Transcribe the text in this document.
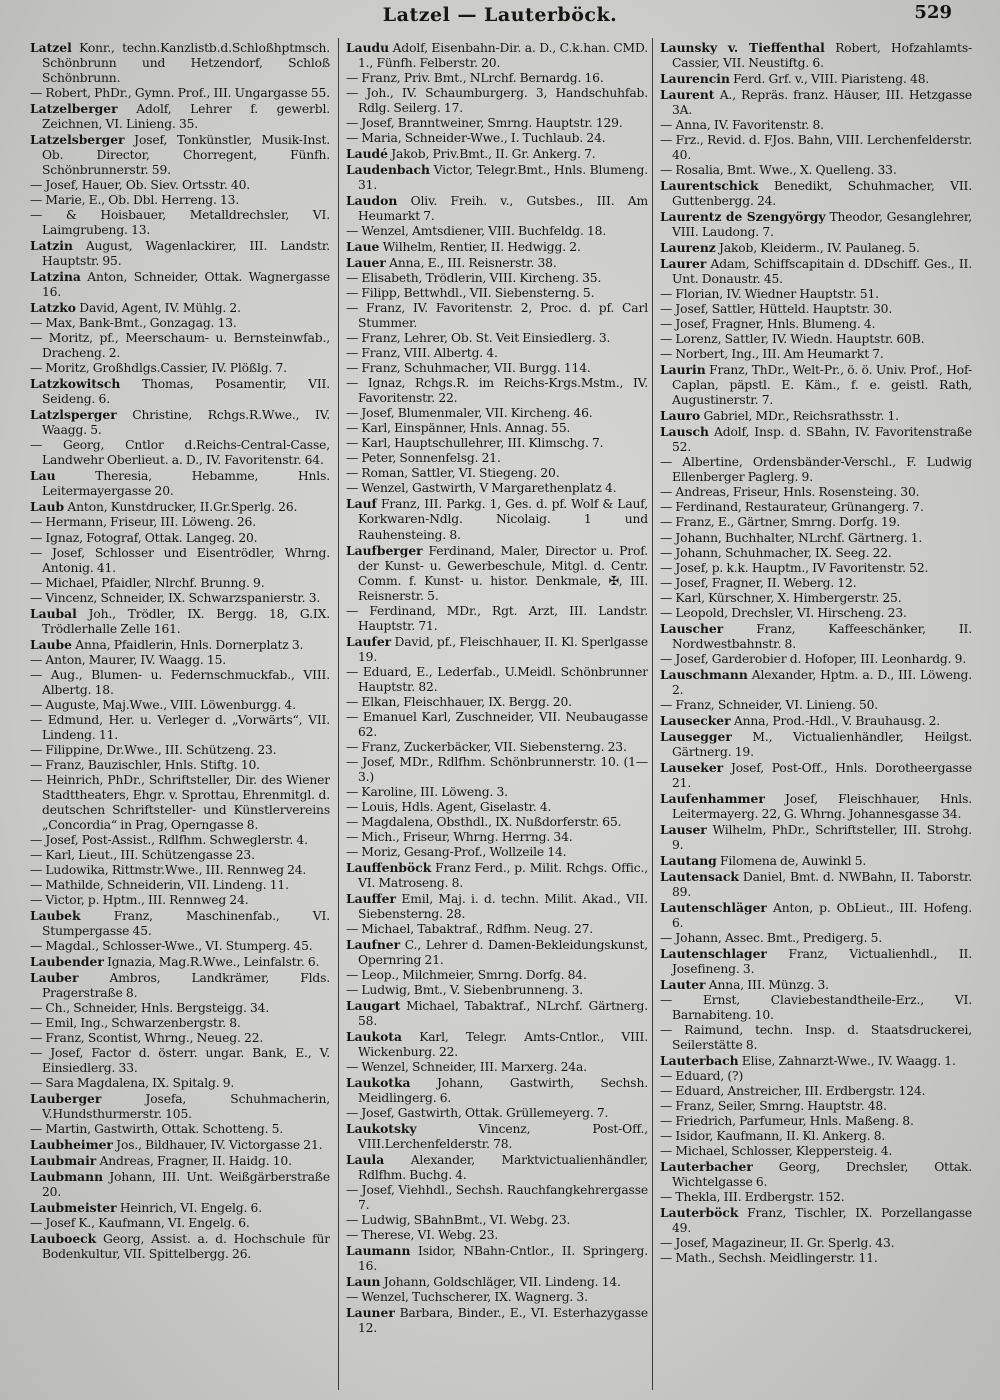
Latzel — Lauterböck.	529

Latzel Konr., techn.Kanzlistb.d.Schloßhptmsch. Schönbrunn und Hetzendorf, Schloß Schönbrunn.

— Robert, PhDr., Gymn. Prof., III. Ungargasse 55.

Latzelberger Adolf, Lehrer f. gewerbl. Zeichnen, VI. Linieng. 35.

Latzelsberger Josef, Tonkünstler, Musik-Inst. Ob. Director, Chorregent, Fünfh. Schönbrunnerstr. 59.

— Josef, Hauer, Ob. Siev. Ortsstr. 40.

— Marie, E., Ob. Dbl. Herreng. 13.

— & Hoisbauer, Metalldrechsler, VI. Laimgrubeng. 13.

Latzin August, Wagenlackirer, III. Landstr. Hauptstr. 95.

Latzina Anton, Schneider, Ottak. Wagnergasse 16.

Latzko David, Agent, IV. Mühlg. 2.

— Max, Bank-Bmt., Gonzagag. 13.

— Moritz, pf., Meerschaum- u. Bernsteinwfab., Dracheng. 2.

— Moritz, Großhdlgs.Cassier, IV. Plößlg. 7.

Latzkowitsch Thomas, Posamentir, VII. Seideng. 6.

Latzlsperger Christine, Rchgs.R.Wwe., IV. Waagg. 5.

— Georg, Cntlor d.Reichs-Central-Casse, Landwehr Oberlieut. a. D., IV. Favoritenstr. 64.

Lau Theresia, Hebamme, Hnls. Leitermayergasse 20.

Laub Anton, Kunstdrucker, II.Gr.Sperlg. 26.

— Hermann, Friseur, III. Löweng. 26.

— Ignaz, Fotograf, Ottak. Langeg. 20.

— Josef, Schlosser und Eisentrödler, Whrng. Antonig. 41.

— Michael, Pfaidler, Nlrchf. Brunng. 9.

— Vincenz, Schneider, IX. Schwarzspanierstr. 3.

Laubal Joh., Trödler, IX. Bergg. 18, G.IX. Trödlerhalle Zelle 161.

Laube Anna, Pfaidlerin, Hnls. Dornerplatz 3.

— Anton, Maurer, IV. Waagg. 15.

— Aug., Blumen- u. Federnschmuckfab., VIII. Albertg. 18.

— Auguste, Maj.Wwe., VIII. Löwenburgg. 4.

— Edmund, Her. u. Verleger d. „Vorwärts“, VII. Lindeng. 11.

— Filippine, Dr.Wwe., III. Schützeng. 23.

— Franz, Bauzischler, Hnls. Stiftg. 10.

— Heinrich, PhDr., Schriftsteller, Dir. des Wiener Stadttheaters, Ehgr. v. Sprottau, Ehrenmitgl. d. deutschen Schriftsteller- und Künstlervereins „Concordia“ in Prag, Operngasse 8.

— Josef, Post-Assist., Rdlfhm. Schweglerstr. 4.

— Karl, Lieut., III. Schützengasse 23.

— Ludowika, Rittmstr.Wwe., III. Rennweg 24.

— Mathilde, Schneiderin, VII. Lindeng. 11.

— Victor, p. Hptm., III. Rennweg 24.

Laubek Franz, Maschinenfab., VI. Stumpergasse 45.

— Magdal., Schlosser-Wwe., VI. Stumperg. 45.

Laubender Ignazia, Mag.R.Wwe., Leinfalstr. 6.

Lauber Ambros, Landkrämer, Flds. Pragerstraße 8.

— Ch., Schneider, Hnls. Bergsteigg. 34.

— Emil, Ing., Schwarzenbergstr. 8.

— Franz, Scontist, Whrng., Neueg. 22.

— Josef, Factor d. österr. ungar. Bank, E., V. Einsiedlerg. 33.

— Sara Magdalena, IX. Spitalg. 9.

Lauberger Josefa, Schuhmacherin, V.Hundsthurmerstr. 105.

— Martin, Gastwirth, Ottak. Schotteng. 5.

Laubheimer Jos., Bildhauer, IV. Victorgasse 21.

Laubmair Andreas, Fragner, II. Haidg. 10.

Laubmann Johann, III. Unt. Weißgärberstraße 20.

Laubmeister Heinrich, VI. Engelg. 6.

— Josef K., Kaufmann, VI. Engelg. 6.

Lauboeck Georg, Assist. a. d. Hochschule für Bodenkultur, VII. Spittelbergg. 26.

Laudu Adolf, Eisenbahn-Dir. a. D., C.k.han. CMD. 1., Fünfh. Felberstr. 20.

— Franz, Priv. Bmt., NLrchf. Bernardg. 16.

— Joh., IV. Schaumburgerg. 3, Handschuhfab. Rdlg. Seilerg. 17.

— Josef, Branntweiner, Smrng. Hauptstr. 129.

— Maria, Schneider-Wwe., I. Tuchlaub. 24.

Laudé Jakob, Priv.Bmt., II. Gr. Ankerg. 7.

Laudenbach Victor, Telegr.Bmt., Hnls. Blumeng. 31.

Laudon Oliv. Freih. v., Gutsbes., III. Am Heumarkt 7.

— Wenzel, Amtsdiener, VIII. Buchfeldg. 18.

Laue Wilhelm, Rentier, II. Hedwigg. 2.

Lauer Anna, E., III. Reisnerstr. 38.

— Elisabeth, Trödlerin, VIII. Kircheng. 35.

— Filipp, Bettwhdl., VII. Siebensterng. 5.

— Franz, IV. Favoritenstr. 2, Proc. d. pf. Carl Stummer.

— Franz, Lehrer, Ob. St. Veit Einsiedlerg. 3.

— Franz, VIII. Albertg. 4.

— Franz, Schuhmacher, VII. Burgg. 114.

— Ignaz, Rchgs.R. im Reichs-Krgs.Mstm., IV. Favoritenstr. 22.

— Josef, Blumenmaler, VII. Kircheng. 46.

— Karl, Einspänner, Hnls. Annag. 55.

— Karl, Hauptschullehrer, III. Klimschg. 7.

— Peter, Sonnenfelsg. 21.

— Roman, Sattler, VI. Stiegeng. 20.

— Wenzel, Gastwirth, V Margarethenplatz 4.

Lauf Franz, III. Parkg. 1, Ges. d. pf. Wolf & Lauf, Korkwaren-Ndlg. Nicolaig. 1 und Rauhensteing. 8.

Laufberger Ferdinand, Maler, Director u. Prof. der Kunst- u. Gewerbeschule, Mitgl. d. Centr. Comm. f. Kunst- u. histor. Denkmale, ✠, III. Reisnerstr. 5.

— Ferdinand, MDr., Rgt. Arzt, III. Landstr. Hauptstr. 71.

Laufer David, pf., Fleischhauer, II. Kl. Sperlgasse 19.

— Eduard, E., Lederfab., U.Meidl. Schönbrunner Hauptstr. 82.

— Elkan, Fleischhauer, IX. Bergg. 20.

— Emanuel Karl, Zuschneider, VII. Neubaugasse 62.

— Franz, Zuckerbäcker, VII. Siebensterng. 23.

— Josef, MDr., Rdlfhm. Schönbrunnerstr. 10. (1—3.)

— Karoline, III. Löweng. 3.

— Louis, Hdls. Agent, Giselastr. 4.

— Magdalena, Obsthdl., IX. Nußdorferstr. 65.

— Mich., Friseur, Whrng. Herrng. 34.

— Moriz, Gesang-Prof., Wollzeile 14.

Lauffenböck Franz Ferd., p. Milit. Rchgs. Offic., VI. Matroseng. 8.

Lauffer Emil, Maj. i. d. techn. Milit. Akad., VII. Siebensterng. 28.

— Michael, Tabaktraf., Rdfhm. Neug. 27.

Laufner C., Lehrer d. Damen-Bekleidungskunst, Opernring 21.

— Leop., Milchmeier, Smrng. Dorfg. 84.

— Ludwig, Bmt., V. Siebenbrunneng. 3.

Laugart Michael, Tabaktraf., NLrchf. Gärtnerg. 58.

Laukota Karl, Telegr. Amts-Cntlor., VIII. Wickenburg. 22.

— Wenzel, Schneider, III. Marxerg. 24a.

Laukotka Johann, Gastwirth, Sechsh. Meidlingerg. 6.

— Josef, Gastwirth, Ottak. Grüllemeyerg. 7.

Laukotsky Vincenz, Post-Off., VIII.Lerchenfelderstr. 78.

Laula Alexander, Marktvictualienhändler, Rdlfhm. Buchg. 4.

— Josef, Viehhdl., Sechsh. Rauchfangkehrergasse 7.

— Ludwig, SBahnBmt., VI. Webg. 23.

— Therese, VI. Webg. 23.

Laumann Isidor, NBahn-Cntlor., II. Springerg. 16.

Laun Johann, Goldschläger, VII. Lindeng. 14.

— Wenzel, Tuchscherer, IX. Wagnerg. 3.

Launer Barbara, Binder., E., VI. Esterhazygasse 12.

Launsky v. Tieffenthal Robert, Hofzahlamts-Cassier, VII. Neustiftg. 6.

Laurencin Ferd. Grf. v., VIII. Piaristeng. 48.

Laurent A., Repräs. franz. Häuser, III. Hetzgasse 3A.

— Anna, IV. Favoritenstr. 8.

— Frz., Revid. d. FJos. Bahn, VIII. Lerchenfelderstr. 40.

— Rosalia, Bmt. Wwe., X. Quelleng. 33.

Laurentschick Benedikt, Schuhmacher, VII. Guttenbergg. 24.

Laurentz de Szengyörgy Theodor, Gesanglehrer, VIII. Laudong. 7.

Laurenz Jakob, Kleiderm., IV. Paulaneg. 5.

Laurer Adam, Schiffscapitain d. DDschiff. Ges., II. Unt. Donaustr. 45.

— Florian, IV. Wiedner Hauptstr. 51.

— Josef, Sattler, Hütteld. Hauptstr. 30.

— Josef, Fragner, Hnls. Blumeng. 4.

— Lorenz, Sattler, IV. Wiedn. Hauptstr. 60B.

— Norbert, Ing., III. Am Heumarkt 7.

Laurin Franz, ThDr., Welt-Pr., ö. ö. Univ. Prof., Hof-Caplan, päpstl. E. Käm., f. e. geistl. Rath, Augustinerstr. 7.

Lauro Gabriel, MDr., Reichsrathsstr. 1.

Lausch Adolf, Insp. d. SBahn, IV. Favoritenstraße 52.

— Albertine, Ordensbänder-Verschl., F. Ludwig Ellenberger Paglerg. 9.

— Andreas, Friseur, Hnls. Rosensteing. 30.

— Ferdinand, Restaurateur, Grünangerg. 7.

— Franz, E., Gärtner, Smrng. Dorfg. 19.

— Johann, Buchhalter, NLrchf. Gärtnerg. 1.

— Johann, Schuhmacher, IX. Seeg. 22.

— Josef, p. k.k. Hauptm., IV Favoritenstr. 52.

— Josef, Fragner, II. Weberg. 12.

— Karl, Kürschner, X. Himbergerstr. 25.

— Leopold, Drechsler, VI. Hirscheng. 23.

Lauscher Franz, Kaffeeschänker, II. Nordwestbahnstr. 8.

— Josef, Garderobier d. Hofoper, III. Leonhardg. 9.

Lauschmann Alexander, Hptm. a. D., III. Löweng. 2.

— Franz, Schneider, VI. Linieng. 50.

Lausecker Anna, Prod.-Hdl., V. Brauhausg. 2.

Lausegger M., Victualienhändler, Heilgst. Gärtnerg. 19.

Lauseker Josef, Post-Off., Hnls. Dorotheergasse 21.

Laufenhammer Josef, Fleischhauer, Hnls. Leitermayerg. 22, G. Whrng. Johannesgasse 34.

Lauser Wilhelm, PhDr., Schriftsteller, III. Strohg. 9.

Lautang Filomena de, Auwinkl 5.

Lautensack Daniel, Bmt. d. NWBahn, II. Taborstr. 89.

Lautenschläger Anton, p. ObLieut., III. Hofeng. 6.

— Johann, Assec. Bmt., Predigerg. 5.

Lautenschlager Franz, Victualienhdl., II. Josefineng. 3.

Lauter Anna, III. Münzg. 3.

— Ernst, Claviebestandtheile-Erz., VI. Barnabiteng. 10.

— Raimund, techn. Insp. d. Staatsdruckerei, Seilerstätte 8.

Lauterbach Elise, Zahnarzt-Wwe., IV. Waagg. 1.

— Eduard, (?)

— Eduard, Anstreicher, III. Erdbergstr. 124.

— Franz, Seiler, Smrng. Hauptstr. 48.

— Friedrich, Parfumeur, Hnls. Maßeng. 8.

— Isidor, Kaufmann, II. Kl. Ankerg. 8.

— Michael, Schlosser, Kleppersteig. 4.

Lauterbacher Georg, Drechsler, Ottak. Wichtelgasse 6.

— Thekla, III. Erdbergstr. 152.

Lauterböck Franz, Tischler, IX. Porzellangasse 49.

— Josef, Magazineur, II. Gr. Sperlg. 43.

— Math., Sechsh. Meidlingerstr. 11.
